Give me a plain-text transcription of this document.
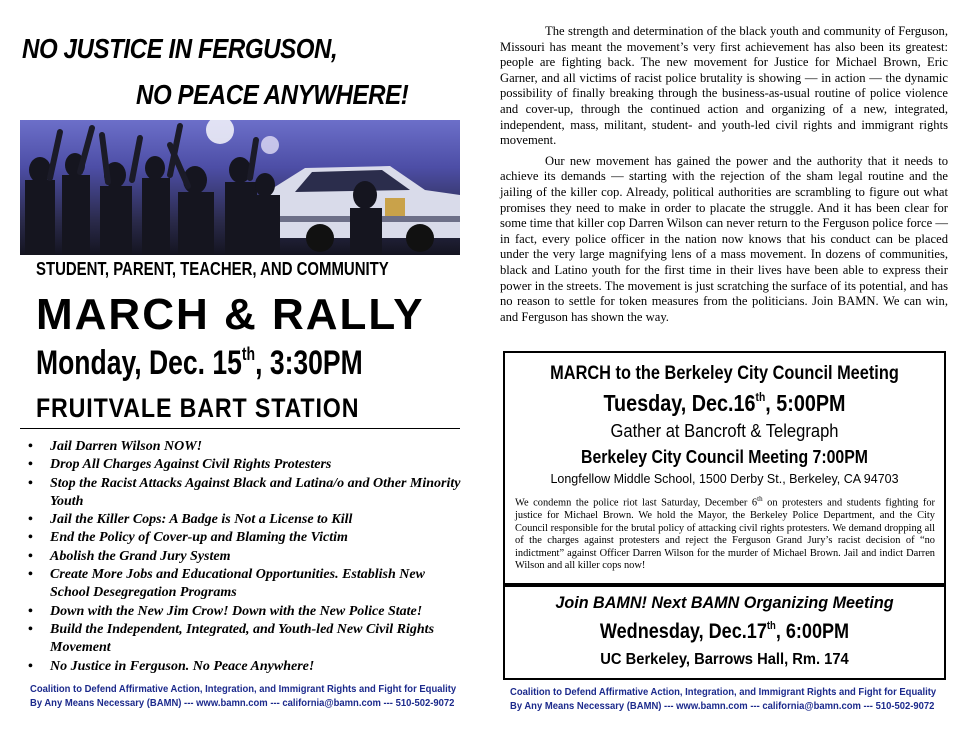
NO JUSTICE IN FERGUSON,
NO PEACE ANYWHERE!
STUDENT, PARENT, TEACHER, AND COMMUNITY
MARCH & RALLY
Monday, Dec. 15th, 3:30PM
FRUITVALE BART STATION
• Jail Darren Wilson NOW!
• Drop All Charges Against Civil Rights Protesters
• Stop the Racist Attacks Against Black and Latina/o and Other Minority Youth
• Jail the Killer Cops: A Badge is Not a License to Kill
• End the Policy of Cover-up and Blaming the Victim
• Abolish the Grand Jury System
• Create More Jobs and Educational Opportunities. Establish New School Desegregation Programs
• Down with the New Jim Crow! Down with the New Police State!
• Build the Independent, Integrated, and Youth-led New Civil Rights Movement
• No Justice in Ferguson. No Peace Anywhere!
Coalition to Defend Affirmative Action, Integration, and Immigrant Rights and Fight for Equality
By Any Means Necessary (BAMN) --- www.bamn.com --- california@bamn.com --- 510-502-9072

The strength and determination of the black youth and community of Ferguson, Missouri has meant the movement’s very first achievement has also been its greatest: people are fighting back. The new movement for Justice for Michael Brown, Eric Garner, and all victims of racist police brutality is showing — in action — the dynamic possibility of finally breaking through the business-as-usual routine of police violence and cover-up, through the continued action and organizing of a new, integrated, independent, mass, militant, student- and youth-led civil rights and immigrant rights movement.

Our new movement has gained the power and the authority that it needs to achieve its demands — starting with the rejection of the sham legal routine and the jailing of the killer cop. Already, political authorities are scrambling to figure out what promises they need to make in order to placate the struggle. And it has been clear for some time that killer cop Darren Wilson can never return to the Ferguson police force — in fact, every police officer in the nation now knows that his conduct can be placed under the very large magnifying lens of a mass movement. In dozens of communities, black and Latino youth for the first time in their lives have been able to express their power in the streets. The movement is just scratching the surface of its potential, and has no reason to settle for token measures from the politicians. Join BAMN. We can win, and Ferguson has shown the way.

MARCH to the Berkeley City Council Meeting
Tuesday, Dec.16th, 5:00PM
Gather at Bancroft & Telegraph
Berkeley City Council Meeting 7:00PM
Longfellow Middle School, 1500 Derby St., Berkeley, CA 94703
We condemn the police riot last Saturday, December 6th on protesters and students fighting for justice for Michael Brown. We hold the Mayor, the Berkeley Police Department, and the City Council responsible for the brutal policy of attacking civil rights protesters. We demand dropping all of the charges against protesters and reject the Ferguson Grand Jury’s racist decision of “no indictment” against Officer Darren Wilson for the murder of Michael Brown. Jail and indict Darren Wilson and all killer cops now!
Join BAMN! Next BAMN Organizing Meeting
Wednesday, Dec.17th, 6:00PM
UC Berkeley, Barrows Hall, Rm. 174
Coalition to Defend Affirmative Action, Integration, and Immigrant Rights and Fight for Equality
By Any Means Necessary (BAMN) --- www.bamn.com --- california@bamn.com --- 510-502-9072
